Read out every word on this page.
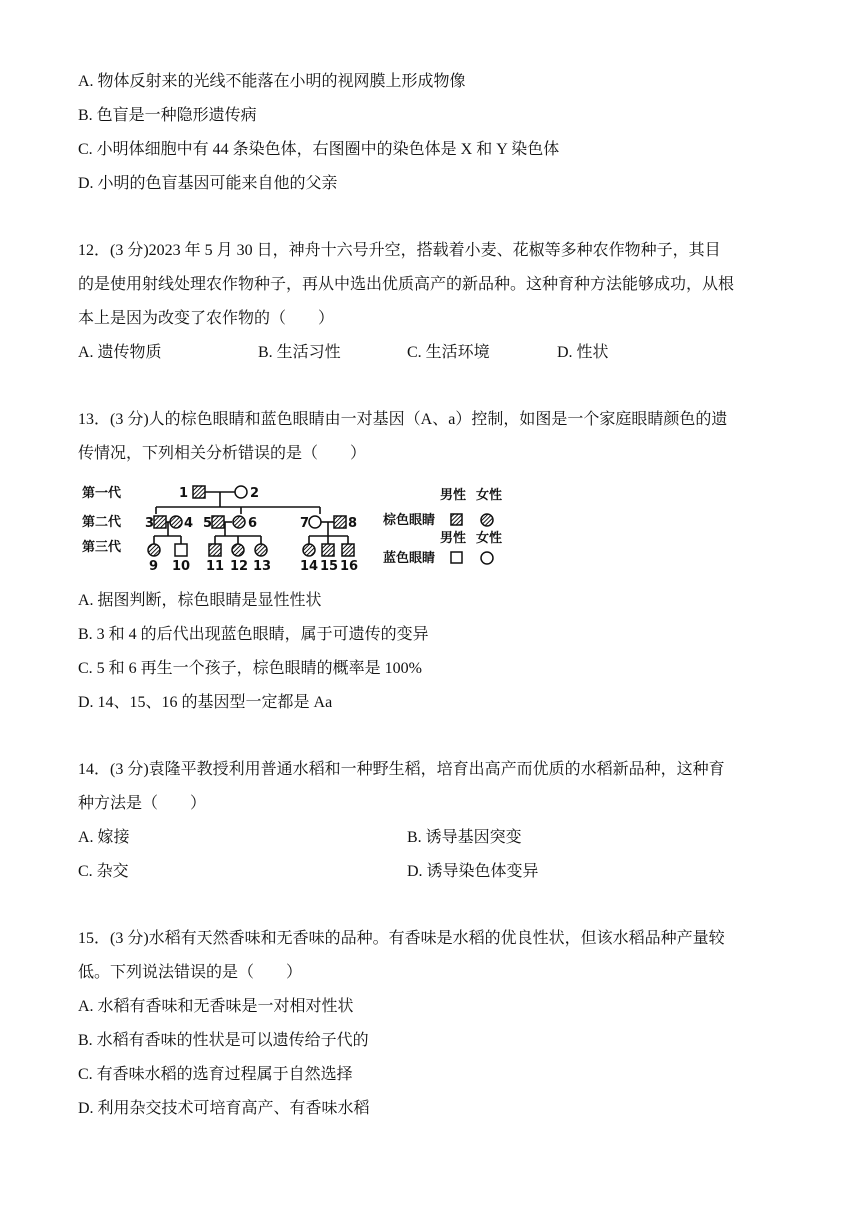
A. 物体反射来的光线不能落在小明的视网膜上形成物像
B. 色盲是一种隐形遗传病
C. 小明体细胞中有 44 条染色体，右图圈中的染色体是 X 和 Y 染色体
D. 小明的色盲基因可能来自他的父亲
12．(3 分)2023 年 5 月 30 日，神舟十六号升空，搭载着小麦、花椒等多种农作物种子，其目
的是使用射线处理农作物种子，再从中选出优质高产的新品种。这种育种方法能够成功，从根
本上是因为改变了农作物的（　　）
A. 遗传物质	B. 生活习性	C. 生活环境	D. 性状
13．(3 分)人的棕色眼睛和蓝色眼睛由一对基因（A、a）控制，如图是一个家庭眼睛颜色的遗
传情况，下列相关分析错误的是（　　）
第一代
第二代
第三代
1	2
3 4 5	6	7	8
9 10 11 12 13 14 15 16
男性 女性
棕色眼睛
男性 女性
蓝色眼睛
A. 据图判断，棕色眼睛是显性性状
B. 3 和 4 的后代出现蓝色眼睛，属于可遗传的变异
C. 5 和 6 再生一个孩子，棕色眼睛的概率是 100%
D. 14、15、16 的基因型一定都是 Aa
14．(3 分)袁隆平教授利用普通水稻和一种野生稻，培育出高产而优质的水稻新品种，这种育
种方法是（　　）
A. 嫁接	B. 诱导基因突变
C. 杂交	D. 诱导染色体变异
15．(3 分)水稻有天然香味和无香味的品种。有香味是水稻的优良性状，但该水稻品种产量较
低。下列说法错误的是（　　）
A. 水稻有香味和无香味是一对相对性状
B. 水稻有香味的性状是可以遗传给子代的
C. 有香味水稻的选育过程属于自然选择
D. 利用杂交技术可培育高产、有香味水稻
